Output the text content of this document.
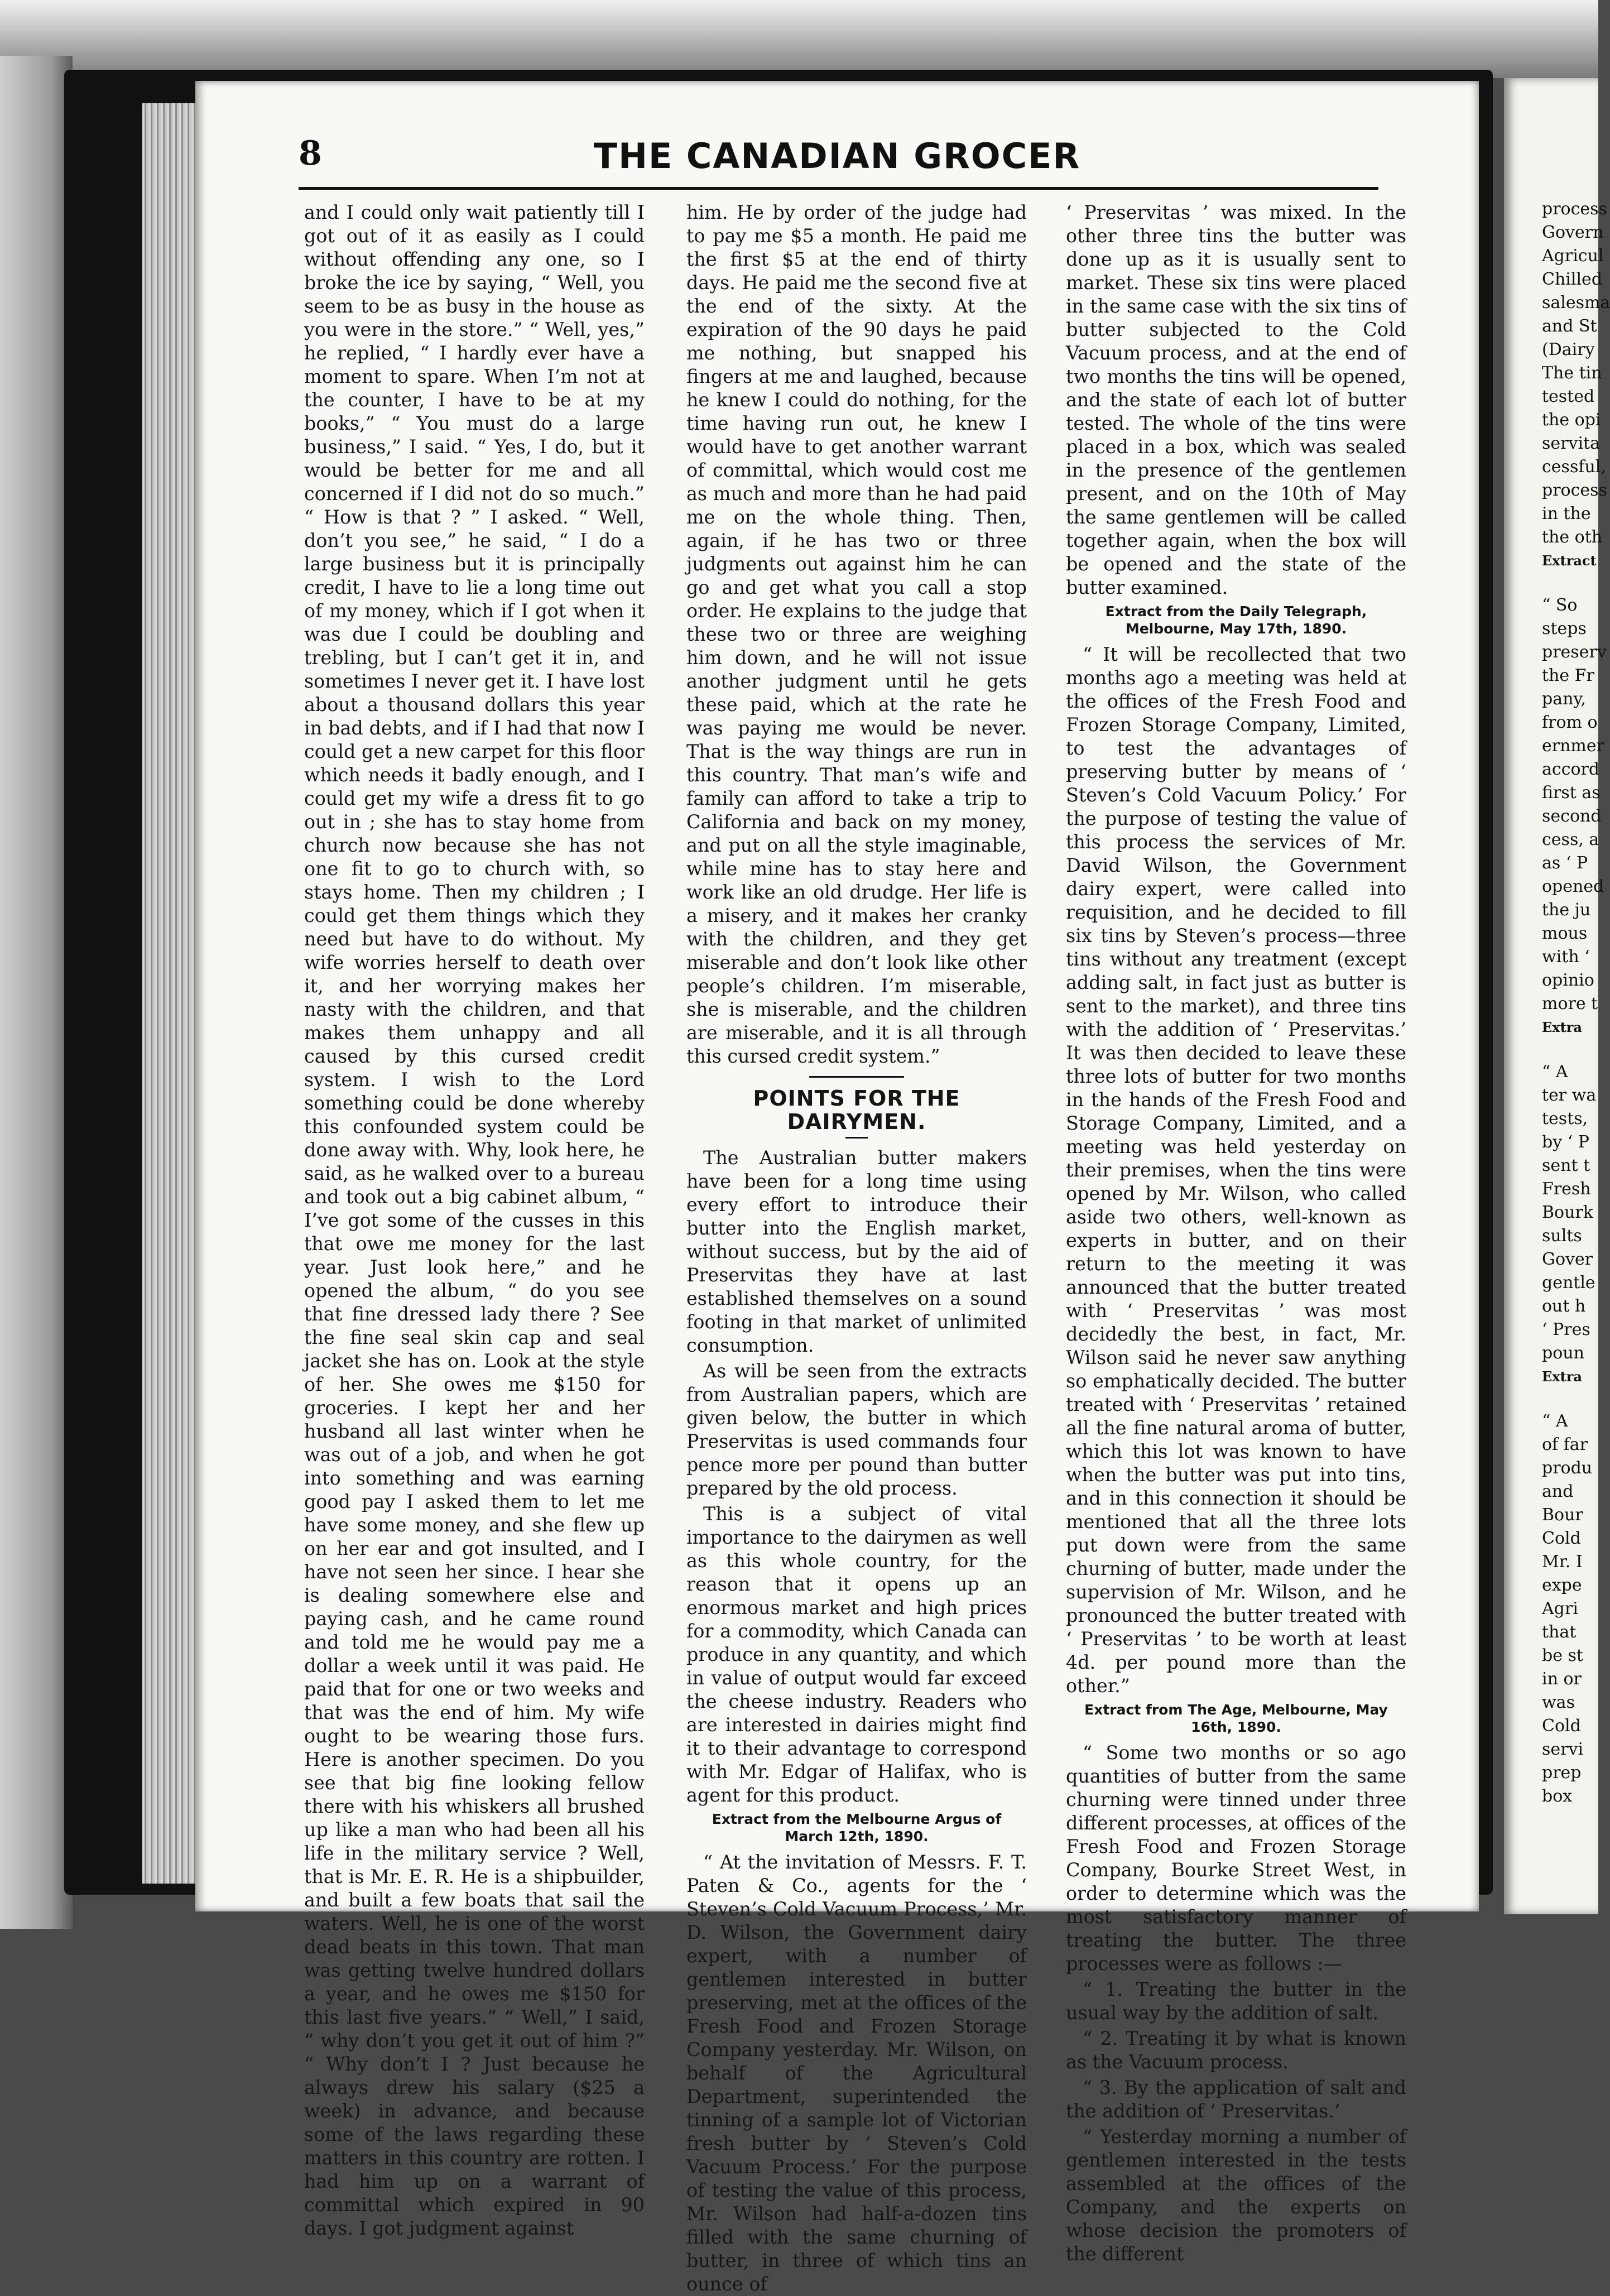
8	THE CANADIAN GROCER

and I could only wait patiently till I got out of it as easily as I could without offending any one, so I broke the ice by saying, “ Well, you seem to be as busy in the house as you were in the store.” “ Well, yes,” he replied, “ I hardly ever have a moment to spare. When I’m not at the counter, I have to be at my books,” “ You must do a large business,” I said. “ Yes, I do, but it would be better for me and all concerned if I did not do so much.” “ How is that ? ” I asked. “ Well, don’t you see,” he said, “ I do a large business but it is principally credit, I have to lie a long time out of my money, which if I got when it was due I could be doubling and trebling, but I can’t get it in, and sometimes I never get it. I have lost about a thousand dollars this year in bad debts, and if I had that now I could get a new carpet for this floor which needs it badly enough, and I could get my wife a dress fit to go out in ; she has to stay home from church now because she has not one fit to go to church with, so stays home. Then my children ; I could get them things which they need but have to do without. My wife worries herself to death over it, and her worrying makes her nasty with the children, and that makes them unhappy and all caused by this cursed credit system. I wish to the Lord something could be done whereby this confounded system could be done away with. Why, look here, he said, as he walked over to a bureau and took out a big cabinet album, “ I’ve got some of the cusses in this that owe me money for the last year. Just look here,” and he opened the album, “ do you see that fine dressed lady there ? See the fine seal skin cap and seal jacket she has on. Look at the style of her. She owes me $150 for groceries. I kept her and her husband all last winter when he was out of a job, and when he got into something and was earning good pay I asked them to let me have some money, and she flew up on her ear and got insulted, and I have not seen her since. I hear she is dealing somewhere else and paying cash, and he came round and told me he would pay me a dollar a week until it was paid. He paid that for one or two weeks and that was the end of him. My wife ought to be wearing those furs. Here is another specimen. Do you see that big fine looking fellow there with his whiskers all brushed up like a man who had been all his life in the military service ? Well, that is Mr. E. R. He is a shipbuilder, and built a few boats that sail the waters. Well, he is one of the worst dead beats in this town. That man was getting twelve hundred dollars a year, and he owes me $150 for this last five years.” “ Well,” I said, “ why don’t you get it out of him ?” “ Why don’t I ? Just because he always drew his salary ($25 a week) in advance, and because some of the laws regarding these matters in this country are rotten. I had him up on a warrant of committal which expired in 90 days. I got judgment against

him. He by order of the judge had to pay me $5 a month. He paid me the first $5 at the end of thirty days. He paid me the second five at the end of the sixty. At the expiration of the 90 days he paid me nothing, but snapped his fingers at me and laughed, because he knew I could do nothing, for the time having run out, he knew I would have to get another warrant of committal, which would cost me as much and more than he had paid me on the whole thing. Then, again, if he has two or three judgments out against him he can go and get what you call a stop order. He explains to the judge that these two or three are weighing him down, and he will not issue another judgment until he gets these paid, which at the rate he was paying me would be never. That is the way things are run in this country. That man’s wife and family can afford to take a trip to California and back on my money, and put on all the style imaginable, while mine has to stay here and work like an old drudge. Her life is a misery, and it makes her cranky with the children, and they get miserable and don’t look like other people’s children. I’m miserable, she is miserable, and the children are miserable, and it is all through this cursed credit system.”

POINTS FOR THE DAIRYMEN.

The Australian butter makers have been for a long time using every effort to introduce their butter into the English market, without success, but by the aid of Preservitas they have at last established themselves on a sound footing in that market of unlimited consumption.

As will be seen from the extracts from Australian papers, which are given below, the butter in which Preservitas is used commands four pence more per pound than butter prepared by the old process.

This is a subject of vital importance to the dairymen as well as this whole country, for the reason that it opens up an enormous market and high prices for a commodity, which Canada can produce in any quantity, and which in value of output would far exceed the cheese industry. Readers who are interested in dairies might find it to their advantage to correspond with Mr. Edgar of Halifax, who is agent for this product.

Extract from the Melbourne Argus of March 12th, 1890.

“ At the invitation of Messrs. F. T. Paten & Co., agents for the ‘ Steven’s Cold Vacuum Process,’ Mr. D. Wilson, the Government dairy expert, with a number of gentlemen interested in butter preserving, met at the offices of the Fresh Food and Frozen Storage Company yesterday. Mr. Wilson, on behalf of the Agricultural Department, superintended the tinning of a sample lot of Victorian fresh butter by ‘ Steven’s Cold Vacuum Process.’ For the purpose of testing the value of this process, Mr. Wilson had half-a-dozen tins filled with the same churning of butter, in three of which tins an ounce of

‘ Preservitas ’ was mixed. In the other three tins the butter was done up as it is usually sent to market. These six tins were placed in the same case with the six tins of butter subjected to the Cold Vacuum process, and at the end of two months the tins will be opened, and the state of each lot of butter tested. The whole of the tins were placed in a box, which was sealed in the presence of the gentlemen present, and on the 10th of May the same gentlemen will be called together again, when the box will be opened and the state of the butter examined.

Extract from the Daily Telegraph, Melbourne, May 17th, 1890.

“ It will be recollected that two months ago a meeting was held at the offices of the Fresh Food and Frozen Storage Company, Limited, to test the advantages of preserving butter by means of ‘ Steven’s Cold Vacuum Policy.’ For the purpose of testing the value of this process the services of Mr. David Wilson, the Government dairy expert, were called into requisition, and he decided to fill six tins by Steven’s process—three tins without any treatment (except adding salt, in fact just as butter is sent to the market), and three tins with the addition of ‘ Preservitas.’ It was then decided to leave these three lots of butter for two months in the hands of the Fresh Food and Storage Company, Limited, and a meeting was held yesterday on their premises, when the tins were opened by Mr. Wilson, who called aside two others, well-known as experts in butter, and on their return to the meeting it was announced that the butter treated with ‘ Preservitas ’ was most decidedly the best, in fact, Mr. Wilson said he never saw anything so emphatically decided. The butter treated with ‘ Preservitas ’ retained all the fine natural aroma of butter, which this lot was known to have when the butter was put into tins, and in this connection it should be mentioned that all the three lots put down were from the same churning of butter, made under the supervision of Mr. Wilson, and he pronounced the butter treated with ‘ Preservitas ’ to be worth at least 4d. per pound more than the other.”

Extract from The Age, Melbourne, May 16th, 1890.

“ Some two months or so ago quantities of butter from the same churning were tinned under three different processes, at offices of the Fresh Food and Frozen Storage Company, Bourke Street West, in order to determine which was the most satisfactory manner of treating the butter. The three processes were as follows :—

“ 1. Treating the butter in the usual way by the addition of salt.

“ 2. Treating it by what is known as the Vacuum process.

“ 3. By the application of salt and the addition of ‘ Preservitas.’

“ Yesterday morning a number of gentlemen interested in the tests assembled at the offices of the Company, and the experts on whose decision the promoters of the different

process
Govern
Agricul
Chilled
salesma
and St
(Dairy
The tin
tested
the opi
servita
cessful,
process
in the
the oth
Extract
“ So
steps
preserv
the Fr
pany,
from o
ernmer
accord
first as
second
cess, a
as ‘ P
opened
the ju
mous
with ‘
opinio
more t
Extra
“ A
ter wa
tests,
by ‘ P
sent t
Fresh
Bourk
sults
Gover
gentle
out h
‘ Pres
poun
Extra
“ A
of far
produ
and
Bour
Cold
Mr. I
expe
Agri
that
be st
in or
was
Cold
servi
prep
box
